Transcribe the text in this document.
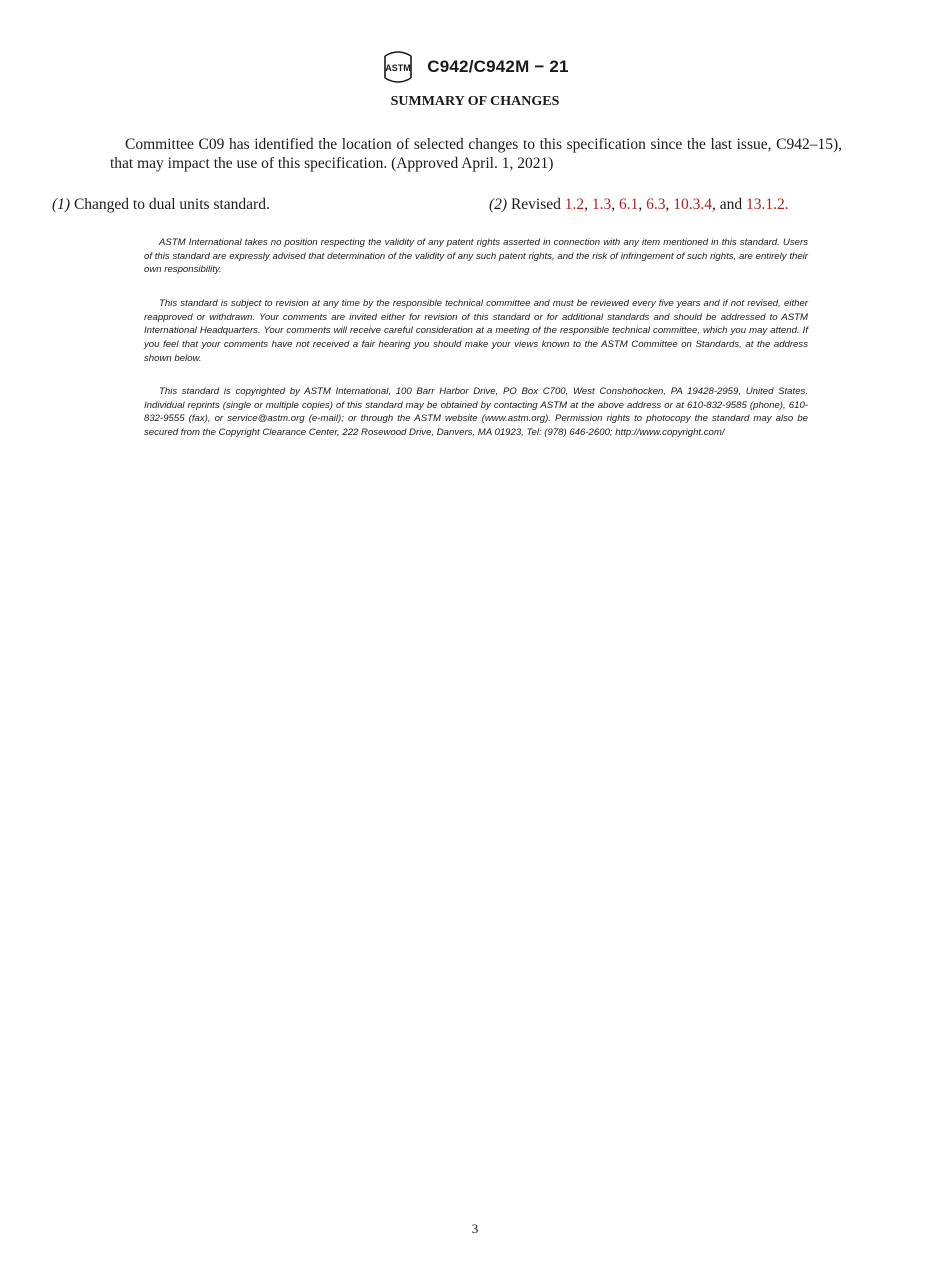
ASTM C942/C942M − 21
SUMMARY OF CHANGES

Committee C09 has identified the location of selected changes to this specification since the last issue, C942–15), that may impact the use of this specification. (Approved April. 1, 2021)

(1) Changed to dual units standard.	(2) Revised 1.2, 1.3, 6.1, 6.3, 10.3.4, and 13.1.2.

ASTM International takes no position respecting the validity of any patent rights asserted in connection with any item mentioned in this standard. Users of this standard are expressly advised that determination of the validity of any such patent rights, and the risk of infringement of such rights, are entirely their own responsibility.

This standard is subject to revision at any time by the responsible technical committee and must be reviewed every five years and if not revised, either reapproved or withdrawn. Your comments are invited either for revision of this standard or for additional standards and should be addressed to ASTM International Headquarters. Your comments will receive careful consideration at a meeting of the responsible technical committee, which you may attend. If you feel that your comments have not received a fair hearing you should make your views known to the ASTM Committee on Standards, at the address shown below.

This standard is copyrighted by ASTM International, 100 Barr Harbor Drive, PO Box C700, West Conshohocken, PA 19428-2959, United States. Individual reprints (single or multiple copies) of this standard may be obtained by contacting ASTM at the above address or at 610-832-9585 (phone), 610-832-9555 (fax), or service@astm.org (e-mail); or through the ASTM website (www.astm.org). Permission rights to photocopy the standard may also be secured from the Copyright Clearance Center, 222 Rosewood Drive, Danvers, MA 01923, Tel: (978) 646-2600; http://www.copyright.com/

3
